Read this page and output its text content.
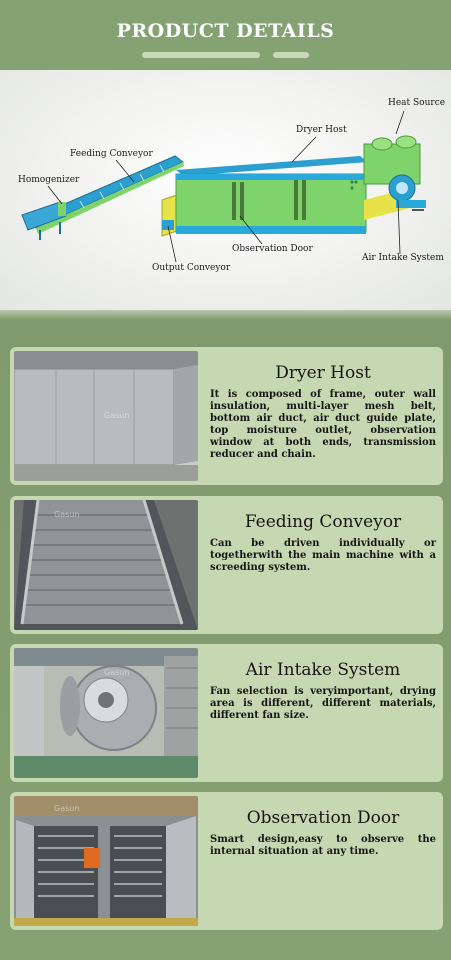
PRODUCT DETAILS
Heat Source
Dryer Host
Feeding Conveyor
Homogenizer
Observation Door
Air Intake System
Output Conveyor
Gasun
Dryer Host
It is composed of frame, outer wall insulation, multi-layer mesh belt, bottom air duct, air duct guide plate, top moisture outlet, observation window at both ends, transmission reducer and chain.
Gasun	Feeding Conveyor
Can be driven individually or togetherwith the main machine with a screeding system.
Gasun	Air Intake System
Fan selection is veryimportant, drying area is different, different materials, different fan size.
Gasun	Observation Door
Smart design,easy to observe the internal situation at any time.
